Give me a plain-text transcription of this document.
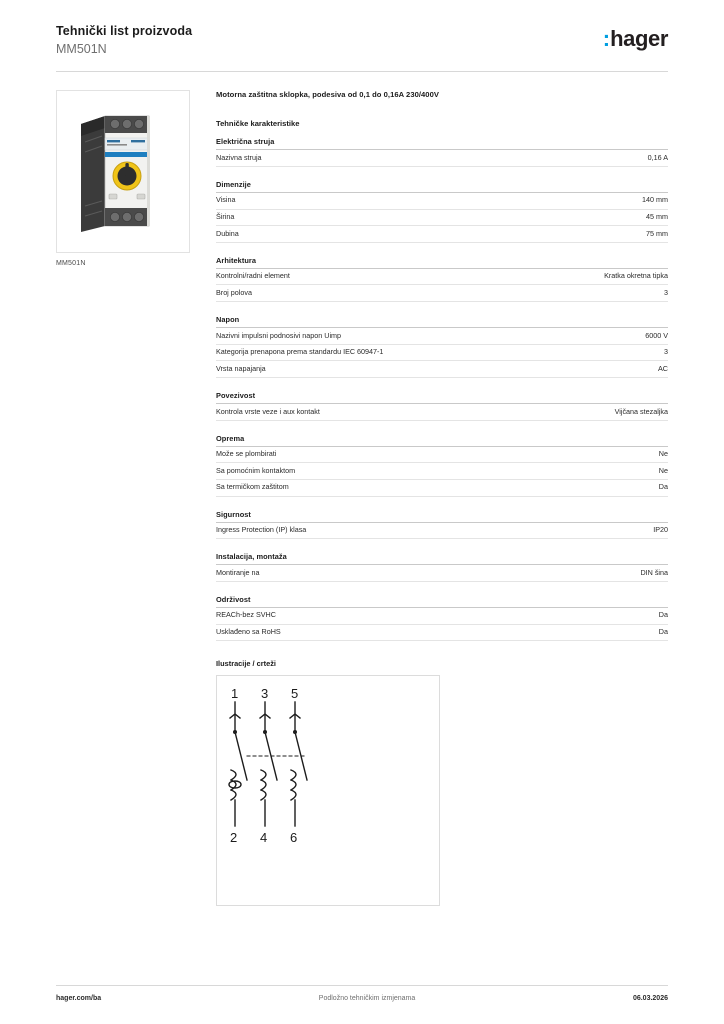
Tehnički list proizvoda
MM501N	:hager
MM501N
Motorna zaštitna sklopka, podesiva od 0,1 do 0,16A 230/400V
Tehničke karakteristike
Električna struja
Nazivna struja	0,16 A
Dimenzije
Visina	140 mm
Širina	45 mm
Dubina	75 mm
Arhitektura
Kontrolni/radni element	Kratka okretna tipka
Broj polova	3
Napon
Nazivni impulsni podnosivi napon Uimp	6000 V
Kategorija prenapona prema standardu IEC 60947-1	3
Vrsta napajanja	AC
Povezivost
Kontrola vrste veze i aux kontakt	Vijčana stezaljka
Oprema
Može se plombirati	Ne
Sa pomoćnim kontaktom	Ne
Sa termičkom zaštitom	Da
Sigurnost
Ingress Protection (IP) klasa	IP20
Instalacija, montaža
Montiranje na	DIN šina
Održivost
REACh-bez SVHC	Da
Usklađeno sa RoHS	Da
Ilustracije / crteži
1 3 5
2 4 6
hager.com/ba	Podložno tehničkim izmjenama	06.03.2026
